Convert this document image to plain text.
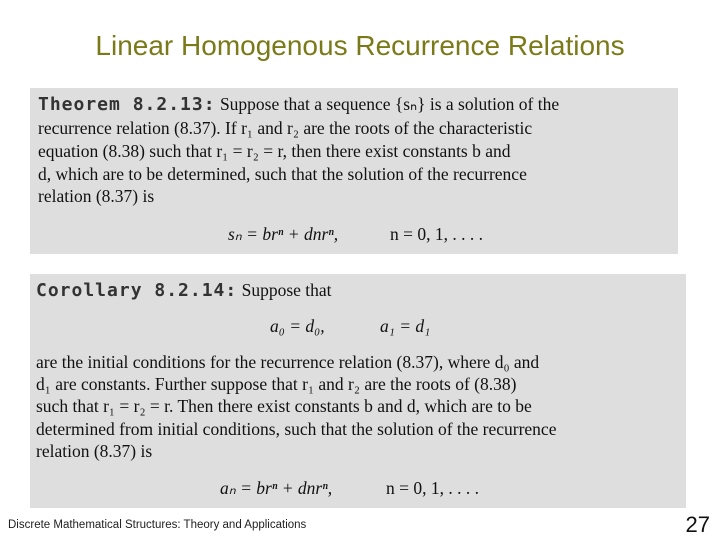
Linear Homogenous Recurrence Relations
Theorem 8.2.13: Suppose that a sequence {sₙ} is a solution of the
recurrence relation (8.37). If r₁ and r₂ are the roots of the characteristic
equation (8.38) such that r₁ = r₂ = r, then there exist constants b and
d, which are to be determined, such that the solution of the recurrence
relation (8.37) is
sₙ = brⁿ + dnrⁿ,	n = 0, 1, . . . .
Corollary 8.2.14: Suppose that
a₀ = d₀,	a₁ = d₁
are the initial conditions for the recurrence relation (8.37), where d₀ and
d₁ are constants. Further suppose that r₁ and r₂ are the roots of (8.38)
such that r₁ = r₂ = r. Then there exist constants b and d, which are to be
determined from initial conditions, such that the solution of the recurrence
relation (8.37) is
aₙ = brⁿ + dnrⁿ,	n = 0, 1, . . . .
Discrete Mathematical Structures: Theory and Applications	27
